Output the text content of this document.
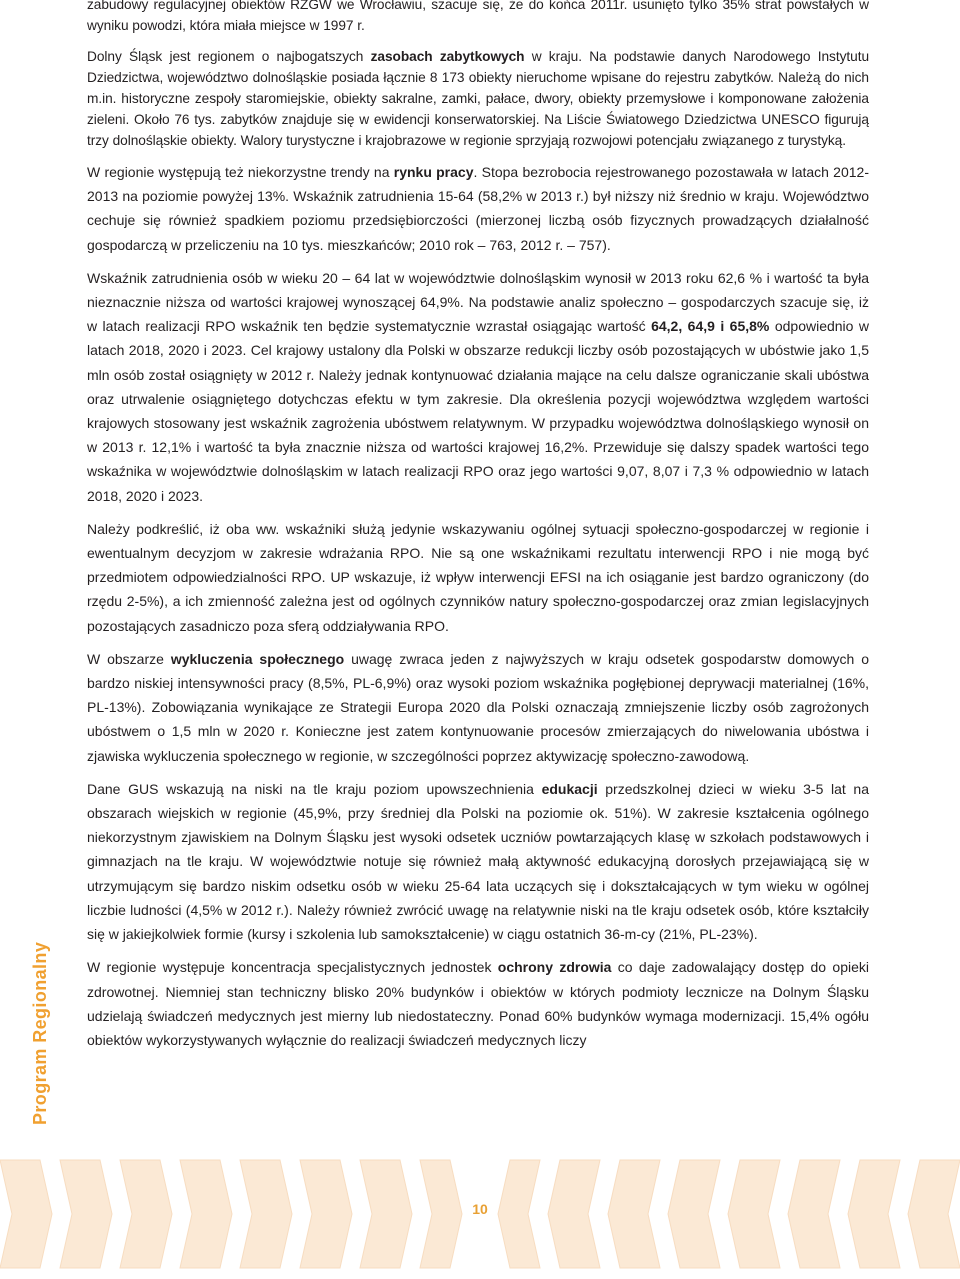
zabudowy regulacyjnej obiektów RZGW we Wrocławiu, szacuje się, że do końca 2011r. usunięto tylko 35% strat powstałych w wyniku powodzi, która miała miejsce w 1997 r.

Dolny Śląsk jest regionem o najbogatszych zasobach zabytkowych w kraju. Na podstawie danych Narodowego Instytutu Dziedzictwa, województwo dolnośląskie posiada łącznie 8 173 obiekty nieruchome wpisane do rejestru zabytków. Należą do nich m.in. historyczne zespoły staromiejskie, obiekty sakralne, zamki, pałace, dwory, obiekty przemysłowe i komponowane założenia zieleni. Około 76 tys. zabytków znajduje się w ewidencji konserwatorskiej. Na Liście Światowego Dziedzictwa UNESCO figurują trzy dolnośląskie obiekty. Walory turystyczne i krajobrazowe w regionie sprzyjają rozwojowi potencjału związanego z turystyką.

W regionie występują też niekorzystne trendy na rynku pracy. Stopa bezrobocia rejestrowanego pozostawała w latach 2012-2013 na poziomie powyżej 13%. Wskaźnik zatrudnienia 15-64 (58,2% w 2013 r.) był niższy niż średnio w kraju. Województwo cechuje się również spadkiem poziomu przedsiębiorczości (mierzonej liczbą osób fizycznych prowadzących działalność gospodarczą w przeliczeniu na 10 tys. mieszkańców; 2010 rok – 763, 2012 r. – 757).

Wskaźnik zatrudnienia osób w wieku 20 – 64 lat w województwie dolnośląskim wynosił w 2013 roku 62,6 % i wartość ta była nieznacznie niższa od wartości krajowej wynoszącej 64,9%. Na podstawie analiz społeczno – gospodarczych szacuje się, iż w latach realizacji RPO wskaźnik ten będzie systematycznie wzrastał osiągając wartość 64,2, 64,9 i 65,8% odpowiednio w latach 2018, 2020 i 2023. Cel krajowy ustalony dla Polski w obszarze redukcji liczby osób pozostających w ubóstwie jako 1,5 mln osób został osiągnięty w 2012 r. Należy jednak kontynuować działania mające na celu dalsze ograniczanie skali ubóstwa oraz utrwalenie osiągniętego dotychczas efektu w tym zakresie. Dla określenia pozycji województwa względem wartości krajowych stosowany jest wskaźnik zagrożenia ubóstwem relatywnym. W przypadku województwa dolnośląskiego wynosił on w 2013 r. 12,1% i wartość ta była znacznie niższa od wartości krajowej 16,2%. Przewiduje się dalszy spadek wartości tego wskaźnika w województwie dolnośląskim w latach realizacji RPO oraz jego wartości 9,07, 8,07 i 7,3 % odpowiednio w latach 2018, 2020 i 2023.

Należy podkreślić, iż oba ww. wskaźniki służą jedynie wskazywaniu ogólnej sytuacji społeczno-gospodarczej w regionie i ewentualnym decyzjom w zakresie wdrażania RPO. Nie są one wskaźnikami rezultatu interwencji RPO i nie mogą być przedmiotem odpowiedzialności RPO. UP wskazuje, iż wpływ interwencji EFSI na ich osiąganie jest bardzo ograniczony (do rzędu 2-5%), a ich zmienność zależna jest od ogólnych czynników natury społeczno-gospodarczej oraz zmian legislacyjnych pozostających zasadniczo poza sferą oddziaływania RPO.

W obszarze wykluczenia społecznego uwagę zwraca jeden z najwyższych w kraju odsetek gospodarstw domowych o bardzo niskiej intensywności pracy (8,5%, PL-6,9%) oraz wysoki poziom wskaźnika pogłębionej deprywacji materialnej (16%, PL-13%). Zobowiązania wynikające ze Strategii Europa 2020 dla Polski oznaczają zmniejszenie liczby osób zagrożonych ubóstwem o 1,5 mln w 2020 r. Konieczne jest zatem kontynuowanie procesów zmierzających do niwelowania ubóstwa i zjawiska wykluczenia społecznego w regionie, w szczególności poprzez aktywizację społeczno-zawodową.

Dane GUS wskazują na niski na tle kraju poziom upowszechnienia edukacji przedszkolnej dzieci w wieku 3-5 lat na obszarach wiejskich w regionie (45,9%, przy średniej dla Polski na poziomie ok. 51%). W zakresie kształcenia ogólnego niekorzystnym zjawiskiem na Dolnym Śląsku jest wysoki odsetek uczniów powtarzających klasę w szkołach podstawowych i gimnazjach na tle kraju. W województwie notuje się również małą aktywność edukacyjną dorosłych przejawiającą się w utrzymującym się bardzo niskim odsetku osób w wieku 25-64 lata uczących się i dokształcających w tym wieku w ogólnej liczbie ludności (4,5% w 2012 r.). Należy również zwrócić uwagę na relatywnie niski na tle kraju odsetek osób, które kształciły się w jakiejkolwiek formie (kursy i szkolenia lub samokształcenie) w ciągu ostatnich 36-m-cy (21%, PL-23%).

W regionie występuje koncentracja specjalistycznych jednostek ochrony zdrowia co daje zadowalający dostęp do opieki zdrowotnej. Niemniej stan techniczny blisko 20% budynków i obiektów w których podmioty lecznicze na Dolnym Śląsku udzielają świadczeń medycznych jest mierny lub niedostateczny. Ponad 60% budynków wymaga modernizacji. 15,4% ogółu obiektów wykorzystywanych wyłącznie do realizacji świadczeń medycznych liczy

Program Regionalny
10
